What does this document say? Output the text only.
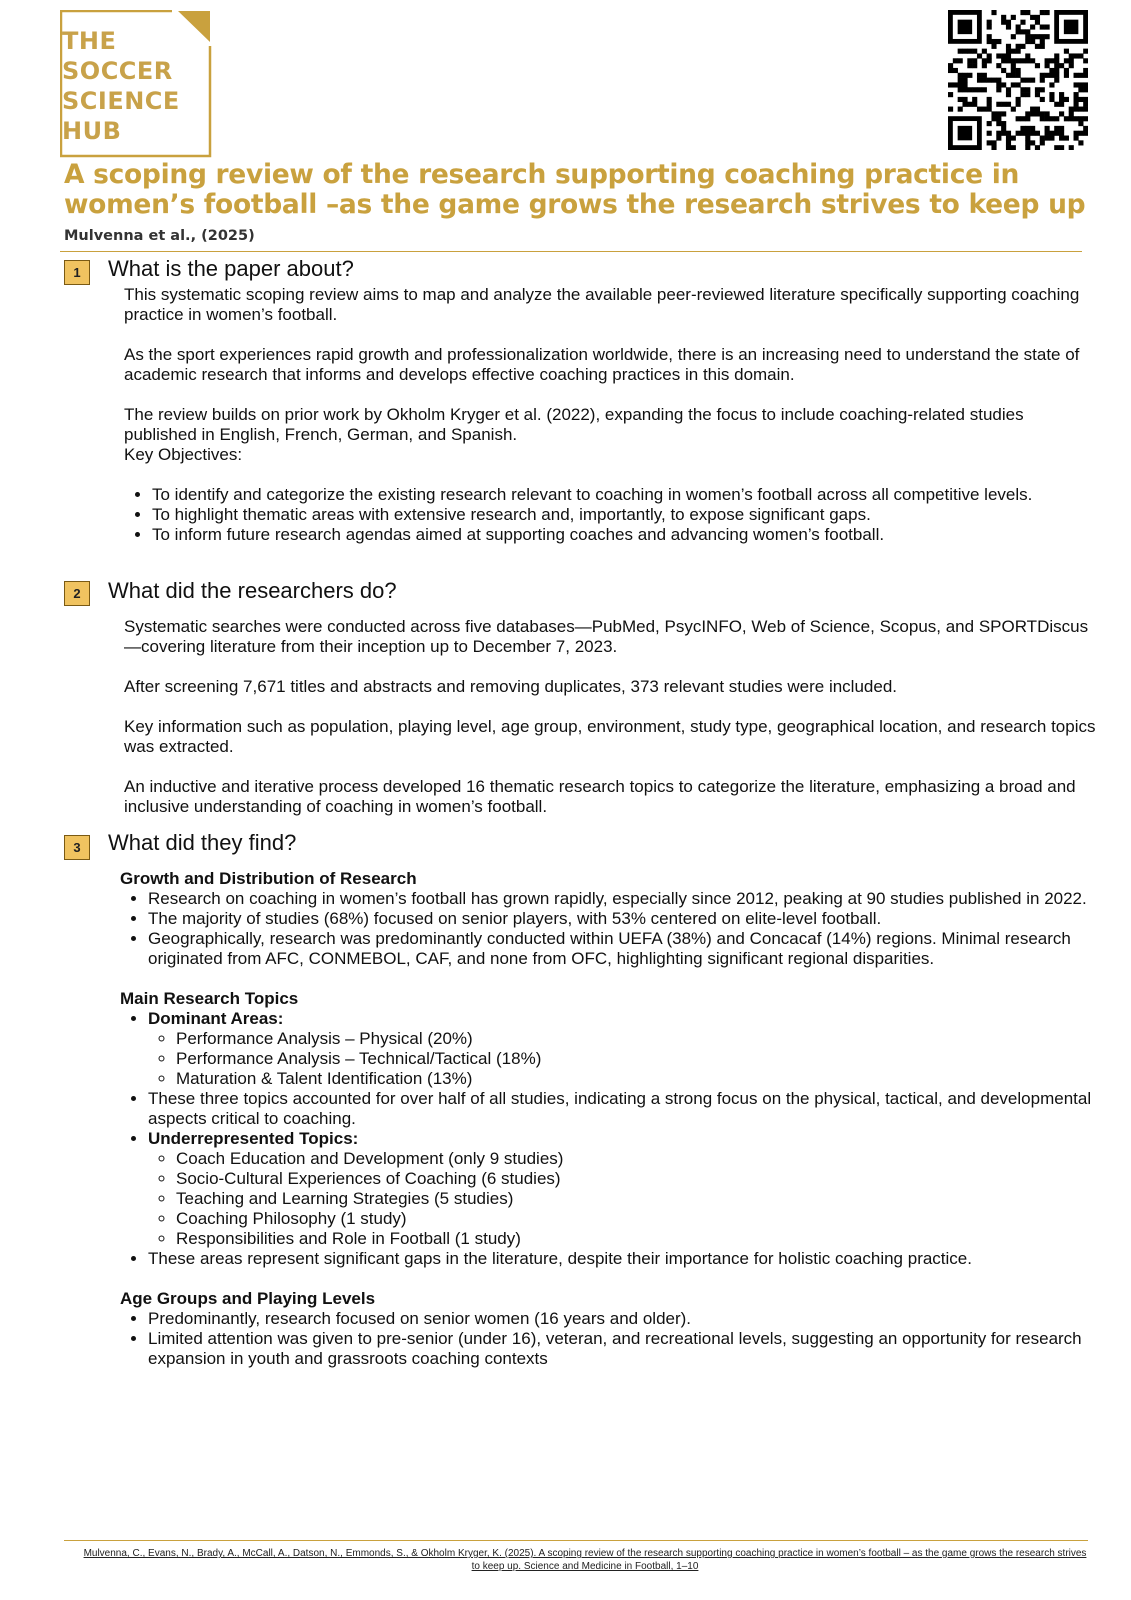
THE
SOCCER
SCIENCE
HUB
A scoping review of the research supporting coaching practice in women’s football –as the game grows the research strives to keep up
Mulvenna et al., (2025)
1	What is the paper about?

This systematic scoping review aims to map and analyze the available peer-reviewed literature specifically supporting coaching practice in women’s football.

As the sport experiences rapid growth and professionalization worldwide, there is an increasing need to understand the state of academic research that informs and develops effective coaching practices in this domain.

The review builds on prior work by Okholm Kryger et al. (2022), expanding the focus to include coaching-related studies published in English, French, German, and Spanish.

Key Objectives:

• To identify and categorize the existing research relevant to coaching in women’s football across all competitive levels.
• To highlight thematic areas with extensive research and, importantly, to expose significant gaps.
• To inform future research agendas aimed at supporting coaches and advancing women’s football.
2	What did the researchers do?

Systematic searches were conducted across five databases—PubMed, PsycINFO, Web of Science, Scopus, and SPORTDiscus—covering literature from their inception up to December 7, 2023.

After screening 7,671 titles and abstracts and removing duplicates, 373 relevant studies were included.

Key information such as population, playing level, age group, environment, study type, geographical location, and research topics was extracted.

An inductive and iterative process developed 16 thematic research topics to categorize the literature, emphasizing a broad and inclusive understanding of coaching in women’s football.

3	What did they find?
Growth and Distribution of Research
• Research on coaching in women’s football has grown rapidly, especially since 2012, peaking at 90 studies published in 2022.
• The majority of studies (68%) focused on senior players, with 53% centered on elite-level football.
• Geographically, research was predominantly conducted within UEFA (38%) and Concacaf (14%) regions. Minimal research originated from AFC, CONMEBOL, CAF, and none from OFC, highlighting significant regional disparities.
Main Research Topics
• Dominant Areas:
◦ Performance Analysis – Physical (20%)
◦ Performance Analysis – Technical/Tactical (18%)
◦ Maturation & Talent Identification (13%)
• These three topics accounted for over half of all studies, indicating a strong focus on the physical, tactical, and developmental aspects critical to coaching.
• Underrepresented Topics:
◦ Coach Education and Development (only 9 studies)
◦ Socio-Cultural Experiences of Coaching (6 studies)
◦ Teaching and Learning Strategies (5 studies)
◦ Coaching Philosophy (1 study)
◦ Responsibilities and Role in Football (1 study)
• These areas represent significant gaps in the literature, despite their importance for holistic coaching practice.
Age Groups and Playing Levels
• Predominantly, research focused on senior women (16 years and older).
• Limited attention was given to pre-senior (under 16), veteran, and recreational levels, suggesting an opportunity for research expansion in youth and grassroots coaching contexts
Mulvenna, C., Evans, N., Brady, A., McCall, A., Datson, N., Emmonds, S., & Okholm Kryger, K. (2025). A scoping review of the research supporting coaching practice in women’s football – as the game grows the research strives to keep up. Science and Medicine in Football, 1–10
